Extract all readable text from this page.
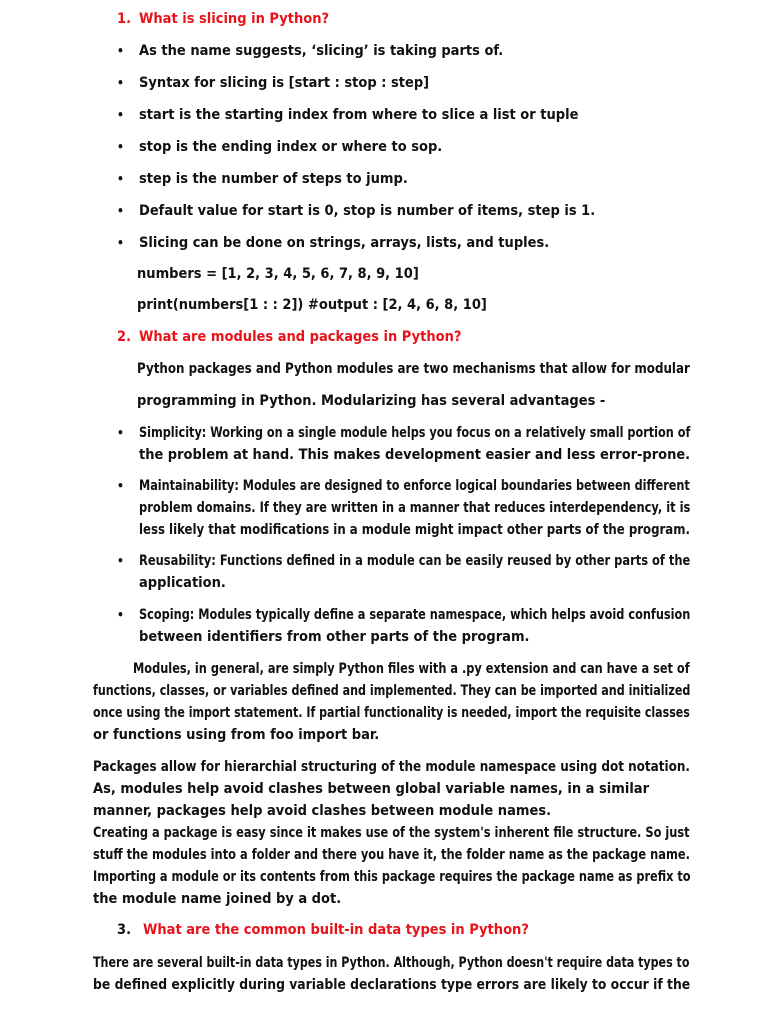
1. What is slicing in Python?
• As the name suggests, ‘slicing’ is taking parts of.
• Syntax for slicing is [start : stop : step]
• start is the starting index from where to slice a list or tuple
• stop is the ending index or where to sop.
• step is the number of steps to jump.
• Default value for start is 0, stop is number of items, step is 1.
• Slicing can be done on strings, arrays, lists, and tuples.
numbers = [1, 2, 3, 4, 5, 6, 7, 8, 9, 10]
print(numbers[1 : : 2]) #output : [2, 4, 6, 8, 10]
2. What are modules and packages in Python?
Python packages and Python modules are two mechanisms that allow for modular
programming in Python. Modularizing has several advantages -
• Simplicity: Working on a single module helps you focus on a relatively small portion of
the problem at hand. This makes development easier and less error-prone.
• Maintainability: Modules are designed to enforce logical boundaries between different
problem domains. If they are written in a manner that reduces interdependency, it is
less likely that modifications in a module might impact other parts of the program.
• Reusability: Functions defined in a module can be easily reused by other parts of the
application.
• Scoping: Modules typically define a separate namespace, which helps avoid confusion
between identifiers from other parts of the program.
Modules, in general, are simply Python files with a .py extension and can have a set of
functions, classes, or variables defined and implemented. They can be imported and initialized
once using the import statement. If partial functionality is needed, import the requisite classes
or functions using from foo import bar.
Packages allow for hierarchial structuring of the module namespace using dot notation.
As, modules help avoid clashes between global variable names, in a similar
manner, packages help avoid clashes between module names.
Creating a package is easy since it makes use of the system's inherent file structure. So just
stuff the modules into a folder and there you have it, the folder name as the package name.
Importing a module or its contents from this package requires the package name as prefix to
the module name joined by a dot.
3. What are the common built-in data types in Python?
There are several built-in data types in Python. Although, Python doesn't require data types to
be defined explicitly during variable declarations type errors are likely to occur if the
